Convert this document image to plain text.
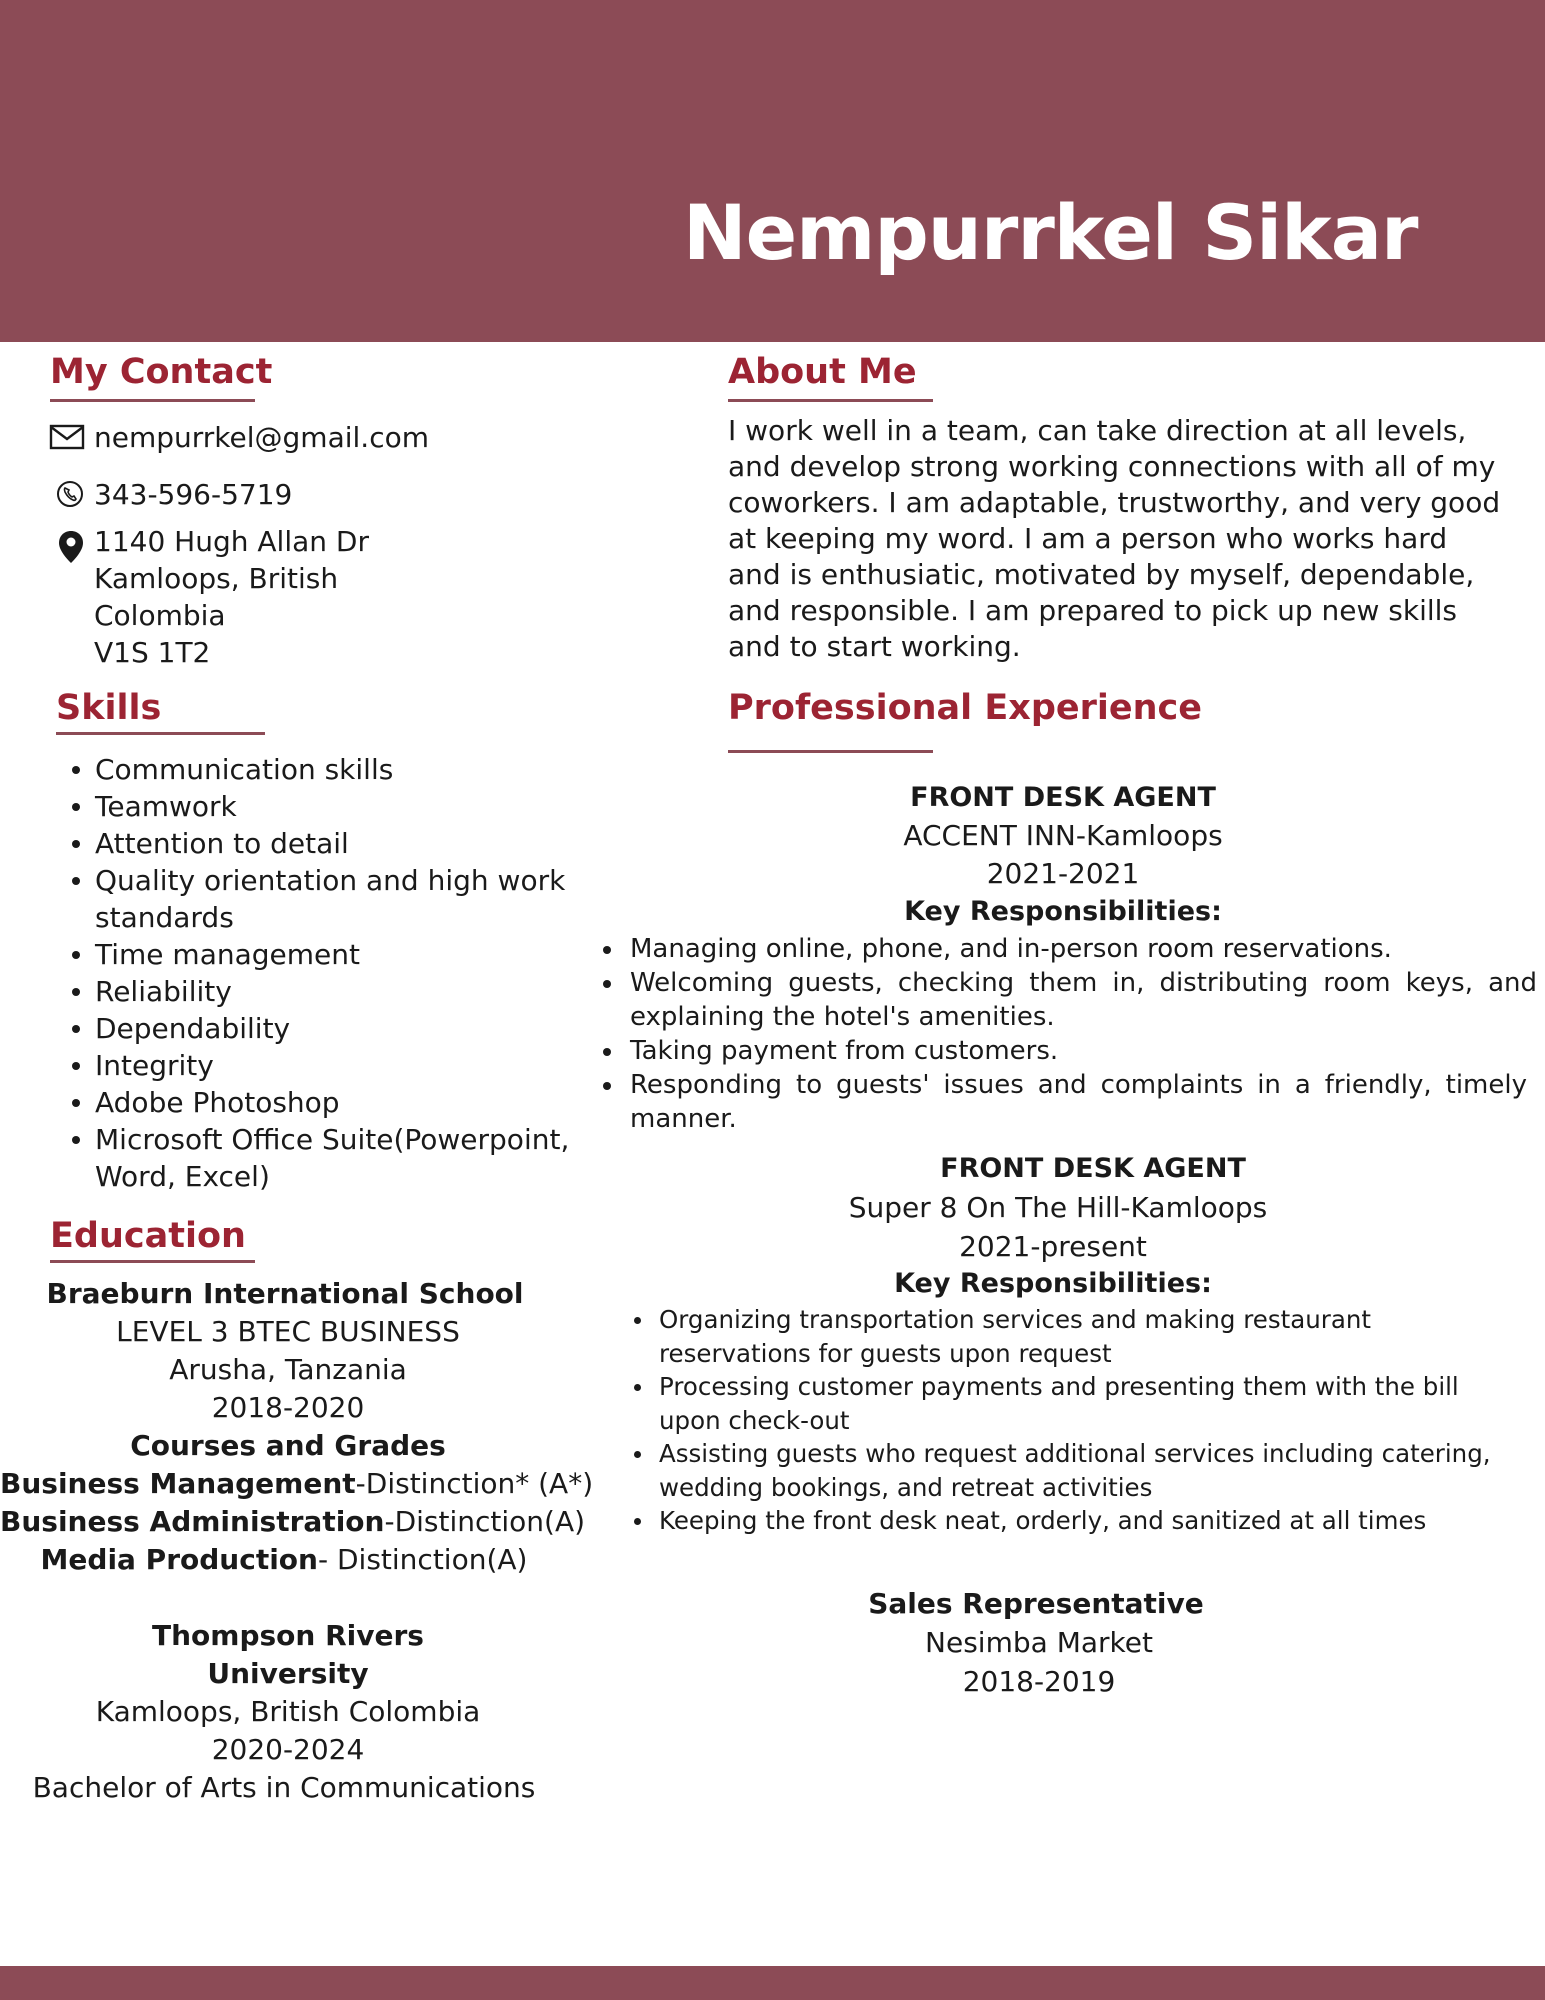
Nempurrkel Sikar
My Contact
nempurrkel@gmail.com
343-596-5719
1140 Hugh Allan Dr
Kamloops, British
Colombia
V1S 1T2
Skills
Communication skills
Teamwork
Attention to detail
Quality orientation and high work standards
Time management
Reliability
Dependability
Integrity
Adobe Photoshop
Microsoft Office Suite(Powerpoint, Word, Excel)
Education
Braeburn International School
LEVEL 3 BTEC BUSINESS
Arusha, Tanzania
2018-2020
Courses and Grades
Business Management-Distinction* (A*)
Business Administration-Distinction(A)
Media Production- Distinction(A)
Thompson Rivers
University
Kamloops, British Colombia
2020-2024
Bachelor of Arts in Communications
About Me
I work well in a team, can take direction at all levels, and develop strong working connections with all of my coworkers. I am adaptable, trustworthy, and very good at keeping my word. I am a person who works hard and is enthusiatic, motivated by myself, dependable, and responsible. I am prepared to pick up new skills and to start working.
Professional Experience
FRONT DESK AGENT
ACCENT INN-Kamloops
2021-2021
Key Responsibilities:
Managing online, phone, and in-person room reservations.
Welcoming guests, checking them in, distributing room keys, and explaining the hotel's amenities.
Taking payment from customers.
Responding to guests' issues and complaints in a friendly, timely manner.
FRONT DESK AGENT
Super 8 On The Hill-Kamloops
2021-present
Key Responsibilities:
Organizing transportation services and making restaurant reservations for guests upon request
Processing customer payments and presenting them with the bill upon check-out
Assisting guests who request additional services including catering, wedding bookings, and retreat activities
Keeping the front desk neat, orderly, and sanitized at all times
Sales Representative
Nesimba Market
2018-2019
